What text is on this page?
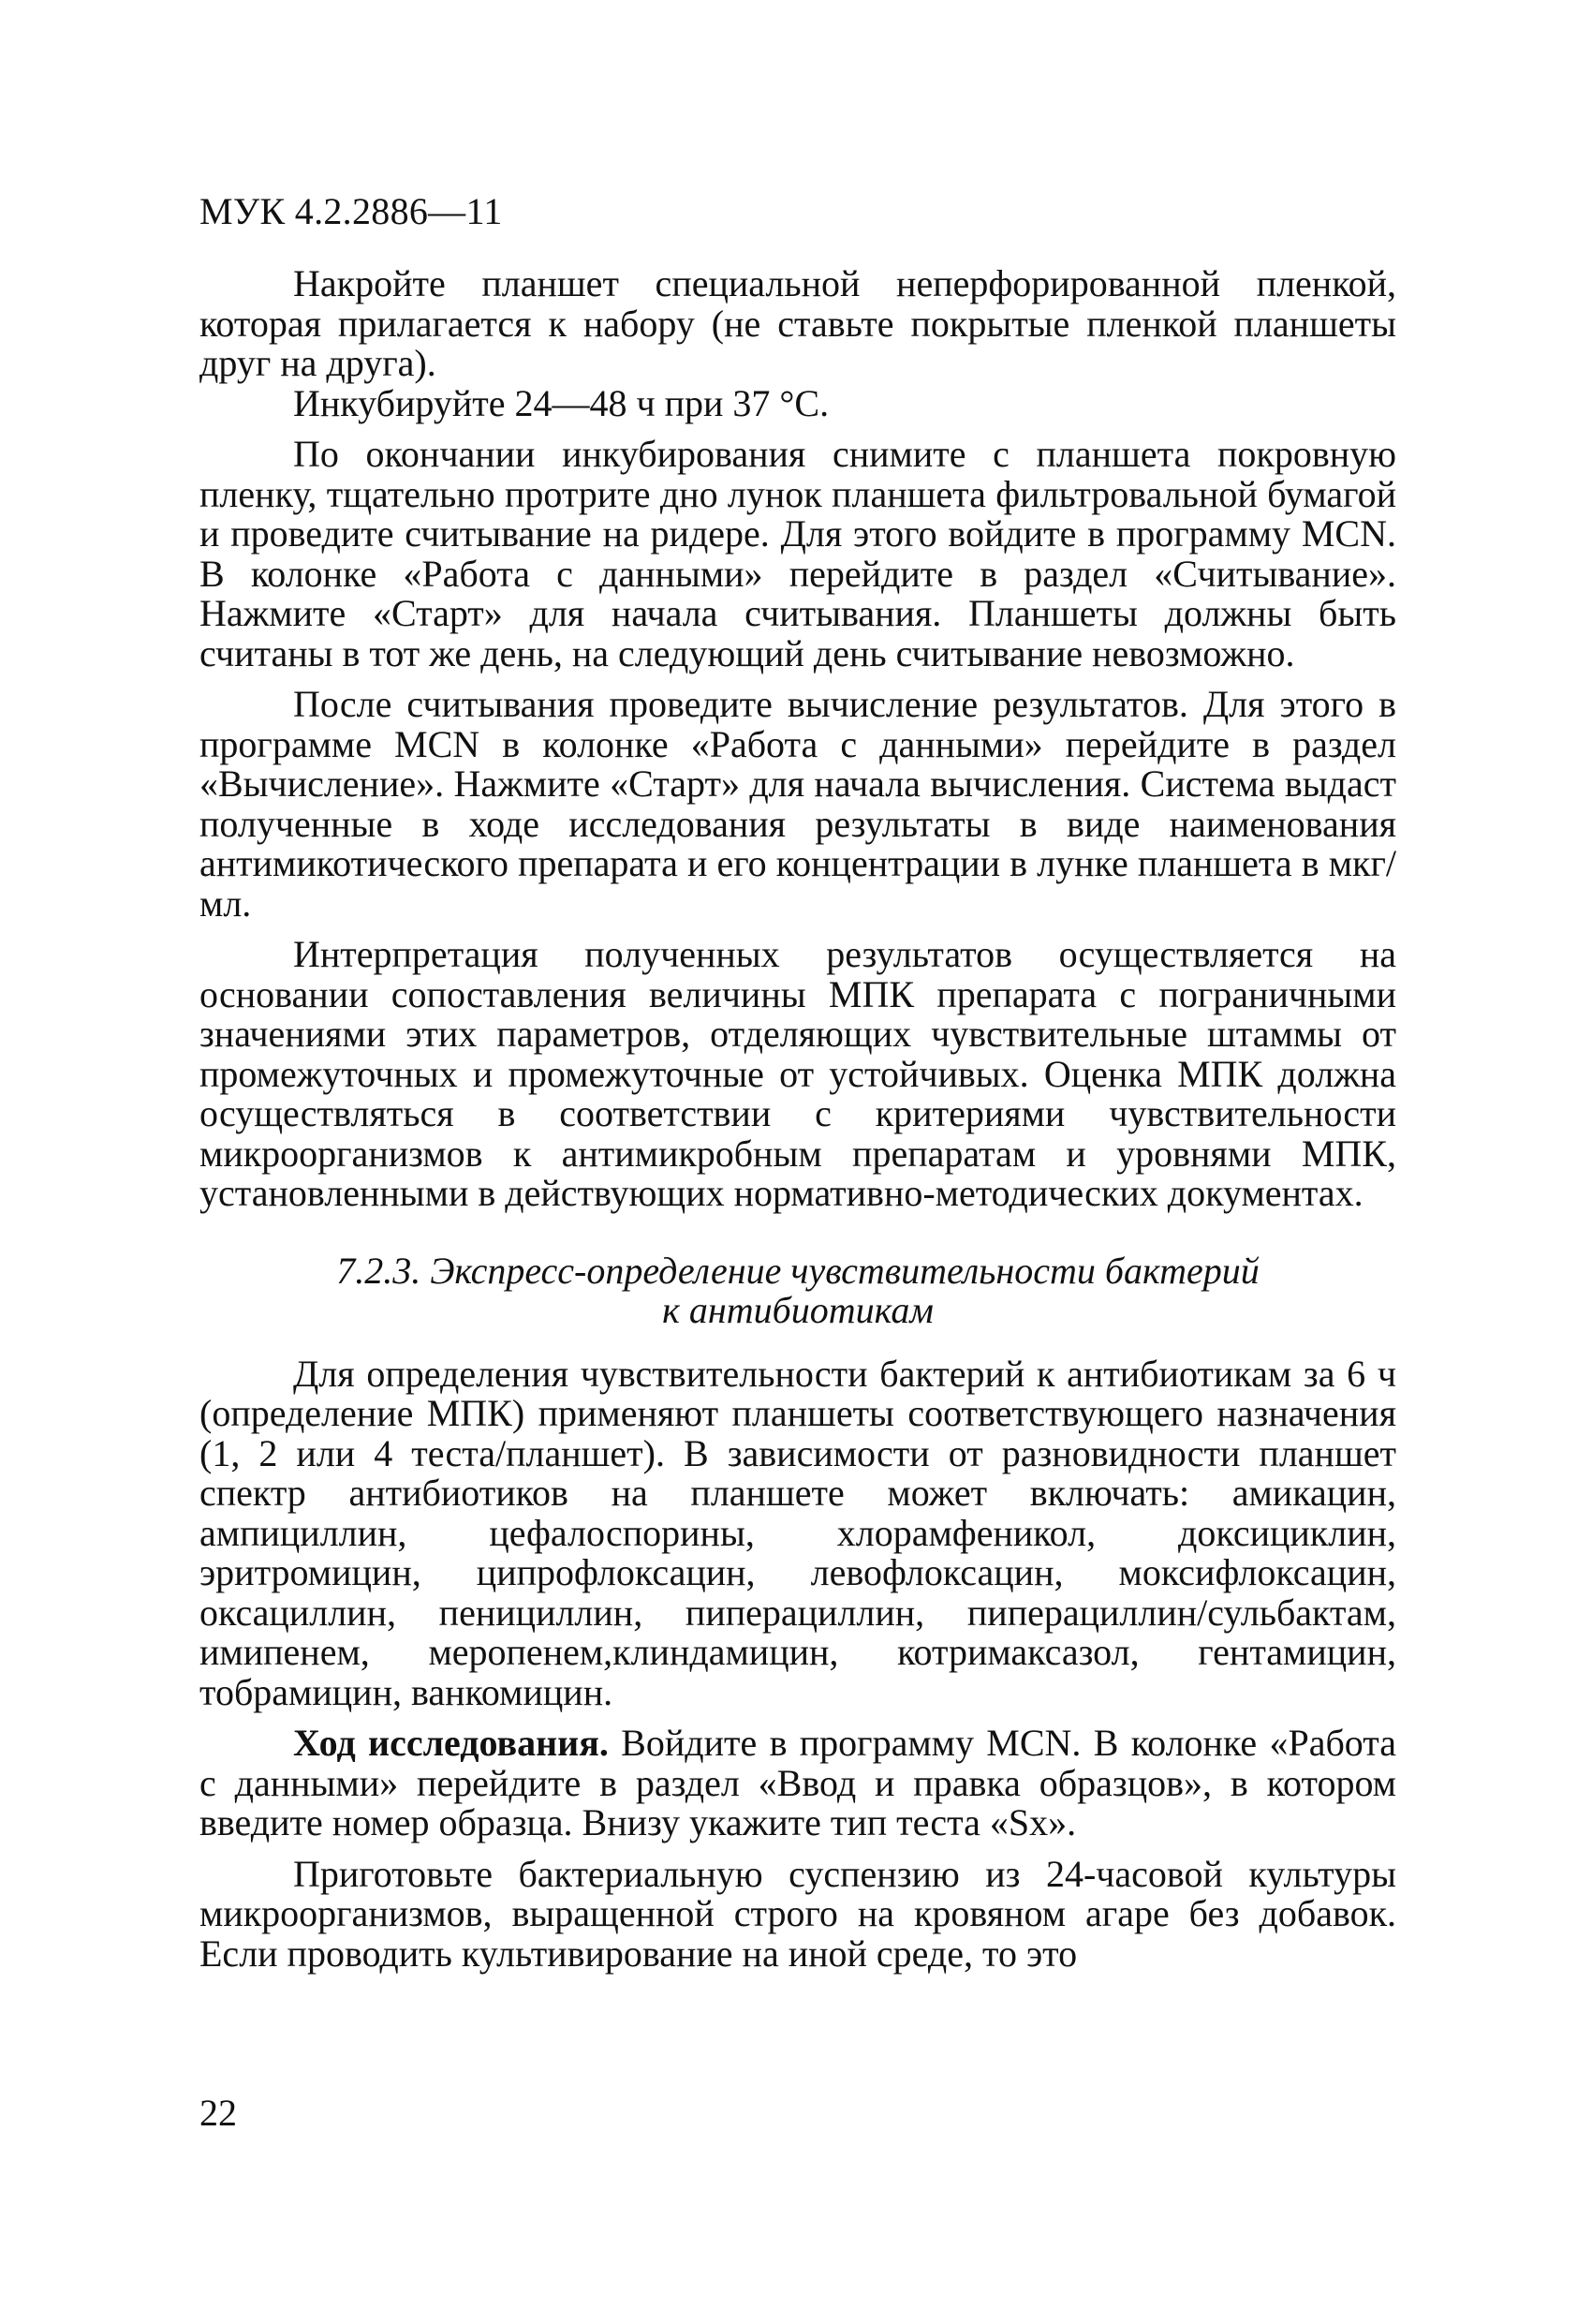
МУК 4.2.2886—11

Накройте планшет специальной неперфорированной пленкой, которая прилагается к набору (не ставьте покрытые пленкой планшеты друг на друга).

Инкубируйте 24—48 ч при 37 °С.

По окончании инкубирования снимите с планшета покровную пленку, тщательно протрите дно лунок планшета фильтровальной бумагой и проведите считывание на ридере. Для этого войдите в программу MCN. В колонке «Работа с данными» перейдите в раздел «Считывание». Нажмите «Старт» для начала считывания. Планшеты должны быть считаны в тот же день, на следующий день считывание невозможно.

После считывания проведите вычисление результатов. Для этого в программе MCN в колонке «Работа с данными» перейдите в раздел «Вычисление». Нажмите «Старт» для начала вычисления. Система выдаст полученные в ходе исследования результаты в виде наименования антимикотического препарата и его концентрации в лунке планшета в мкг/мл.

Интерпретация полученных результатов осуществляется на основании сопоставления величины МПК препарата с пограничными значениями этих параметров, отделяющих чувствительные штаммы от промежуточных и промежуточные от устойчивых. Оценка МПК должна осуществляться в соответствии с критериями чувствительности микроорганизмов к антимикробным препаратам и уровнями МПК, установленными в действующих нормативно-методических документах.

7.2.3. Экспресс-определение чувствительности бактерий
к антибиотикам

Для определения чувствительности бактерий к антибиотикам за 6 ч (определение МПК) применяют планшеты соответствующего назначения (1, 2 или 4 теста/планшет). В зависимости от разновидности планшет спектр антибиотиков на планшете может включать: амикацин, ампициллин, цефалоспорины, хлорамфеникол, доксициклин, эритромицин, ципрофлоксацин, левофлоксацин, моксифлоксацин, оксациллин, пенициллин, пиперациллин, пиперациллин/сульбактам, имипенем, меропенем,клиндамицин, котримаксазол, гентамицин, тобрамицин, ванкомицин.

Ход исследования. Войдите в программу MCN. В колонке «Работа с данными» перейдите в раздел «Ввод и правка образцов», в котором введите номер образца. Внизу укажите тип теста «Sx».

Приготовьте бактериальную суспензию из 24-часовой культуры микроорганизмов, выращенной строго на кровяном агаре без добавок. Если проводить культивирование на иной среде, то это

22
